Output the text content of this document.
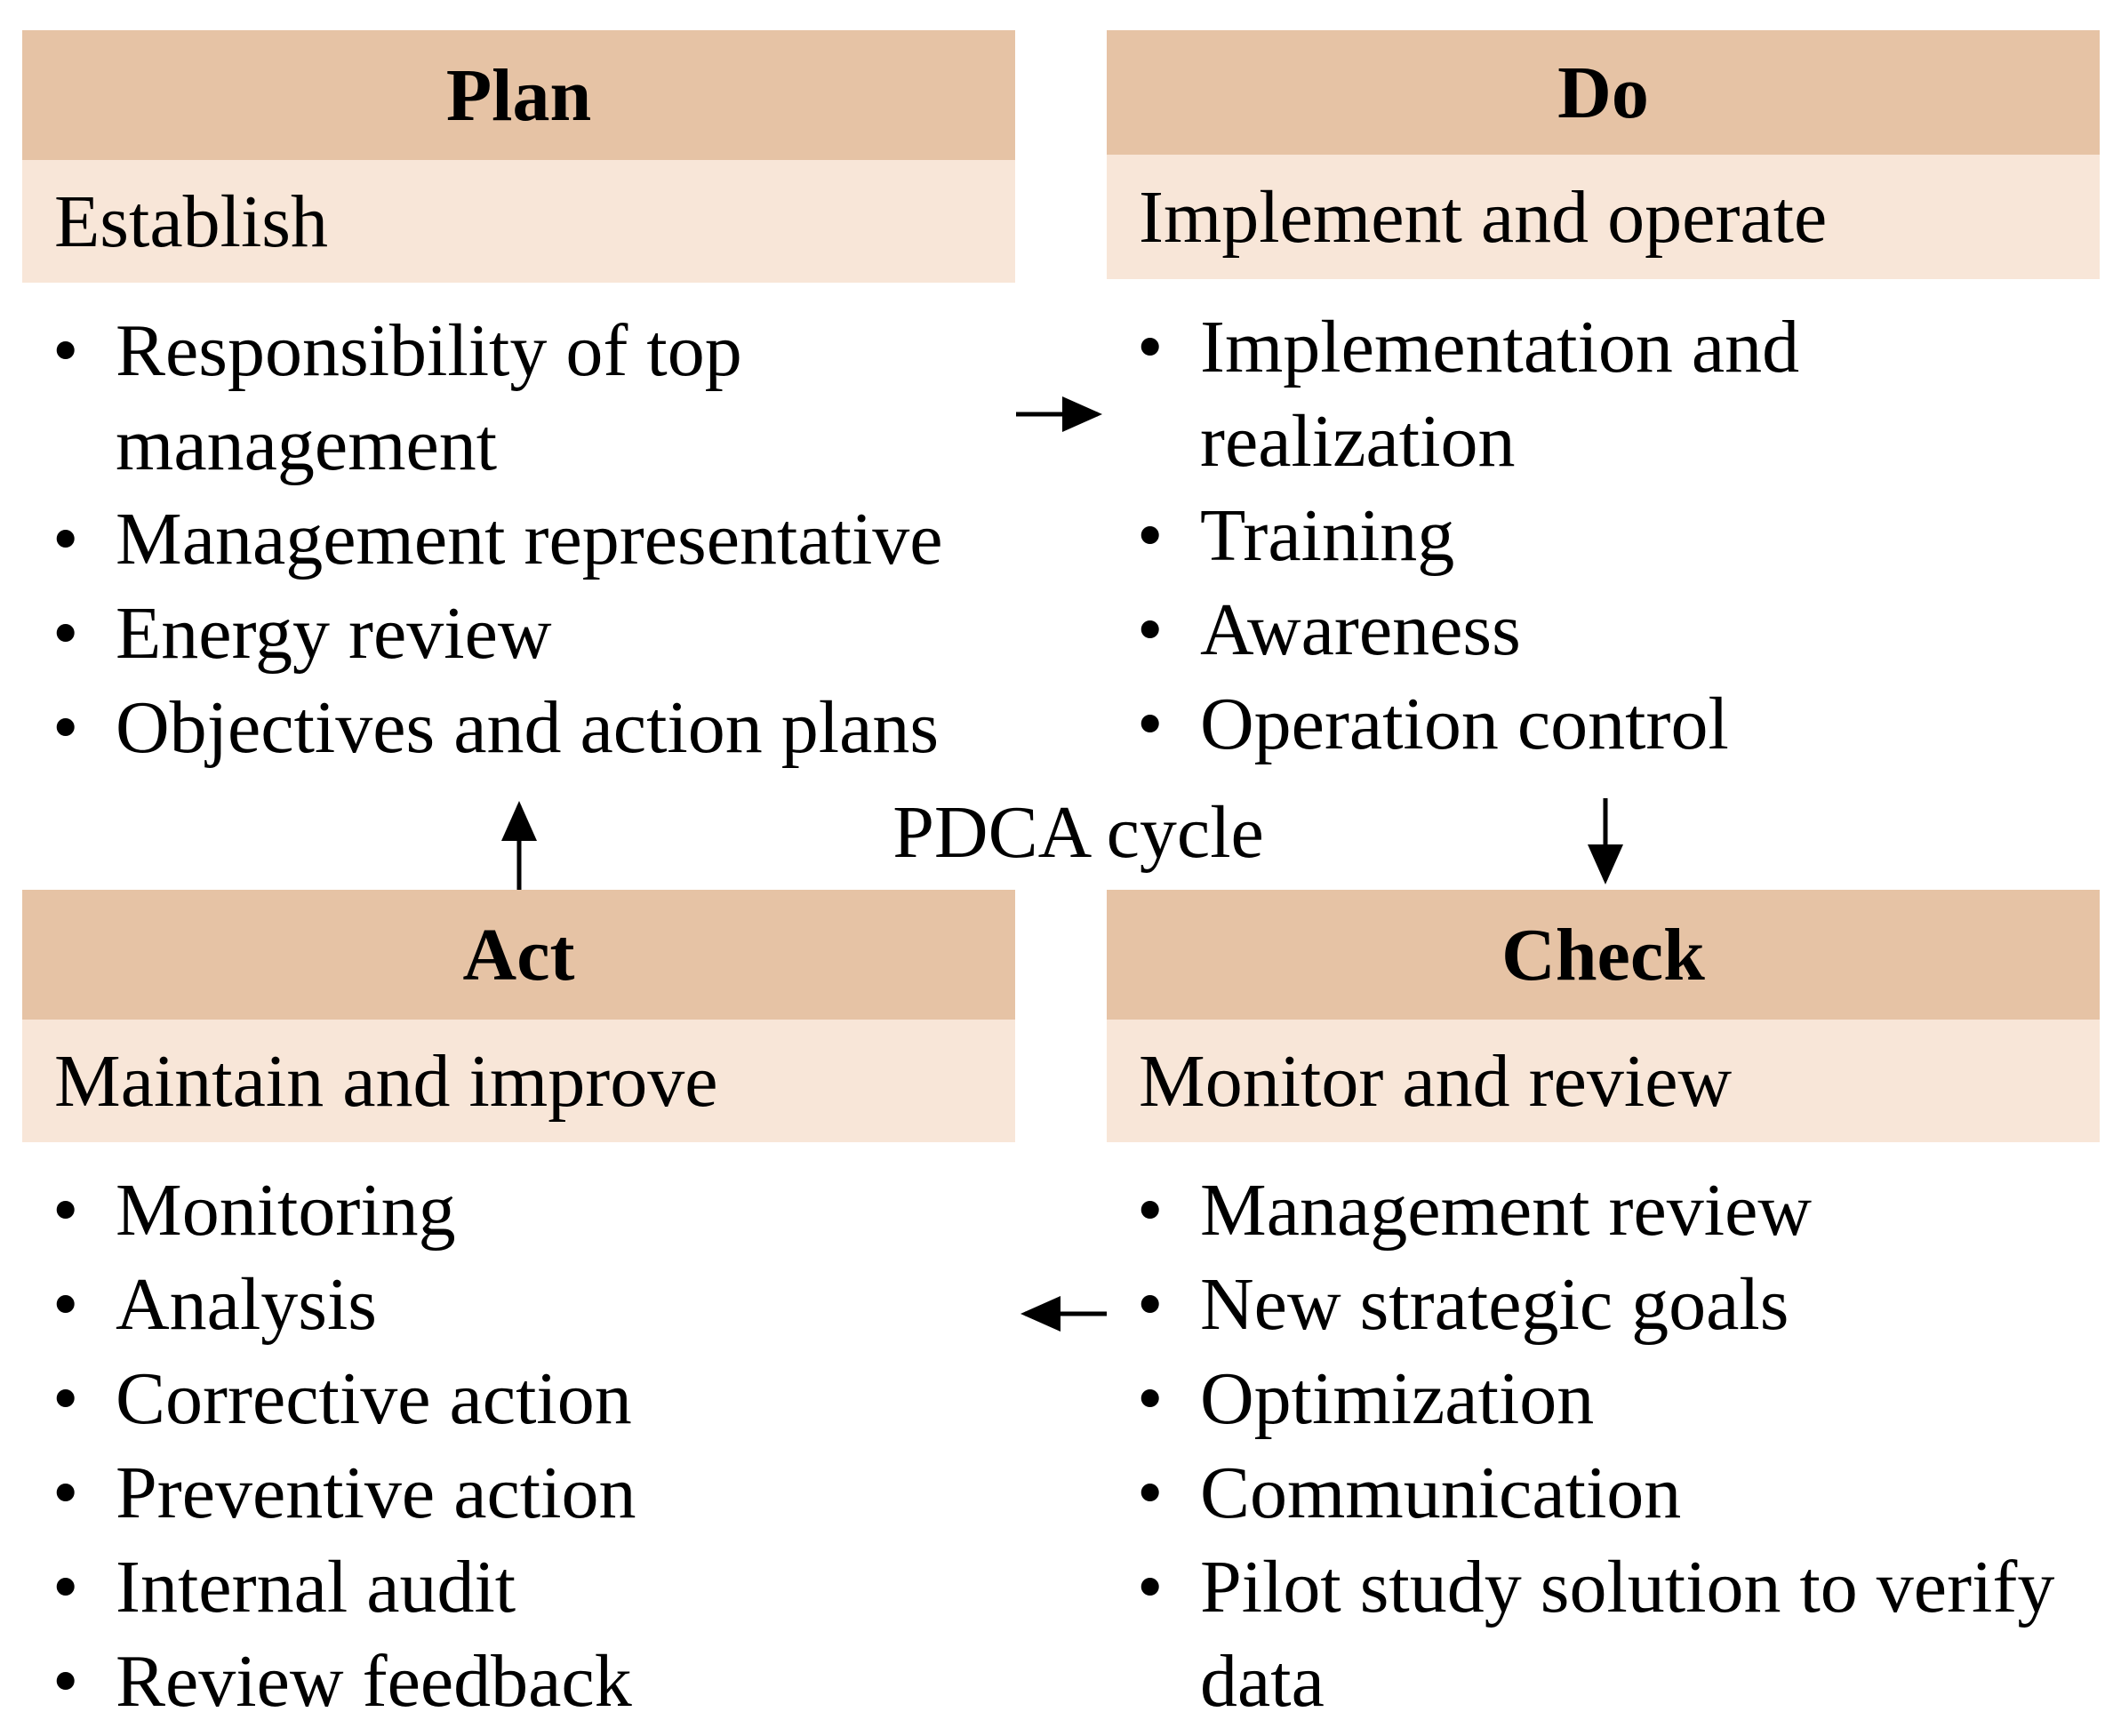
Plan
Establish
• Responsibility of top management
• Management representative
• Energy review
• Objectives and action plans
Do
Implement and operate
• Implementation and realization
• Training
• Awareness
• Operation control
Act
Maintain and improve
• Monitoring
• Analysis
• Corrective action
• Preventive action
• Internal audit
• Review feedback
Check
Monitor and review
• Management review
• New strategic goals
• Optimization
• Communication
• Pilot study solution to verify data
PDCA cycle
